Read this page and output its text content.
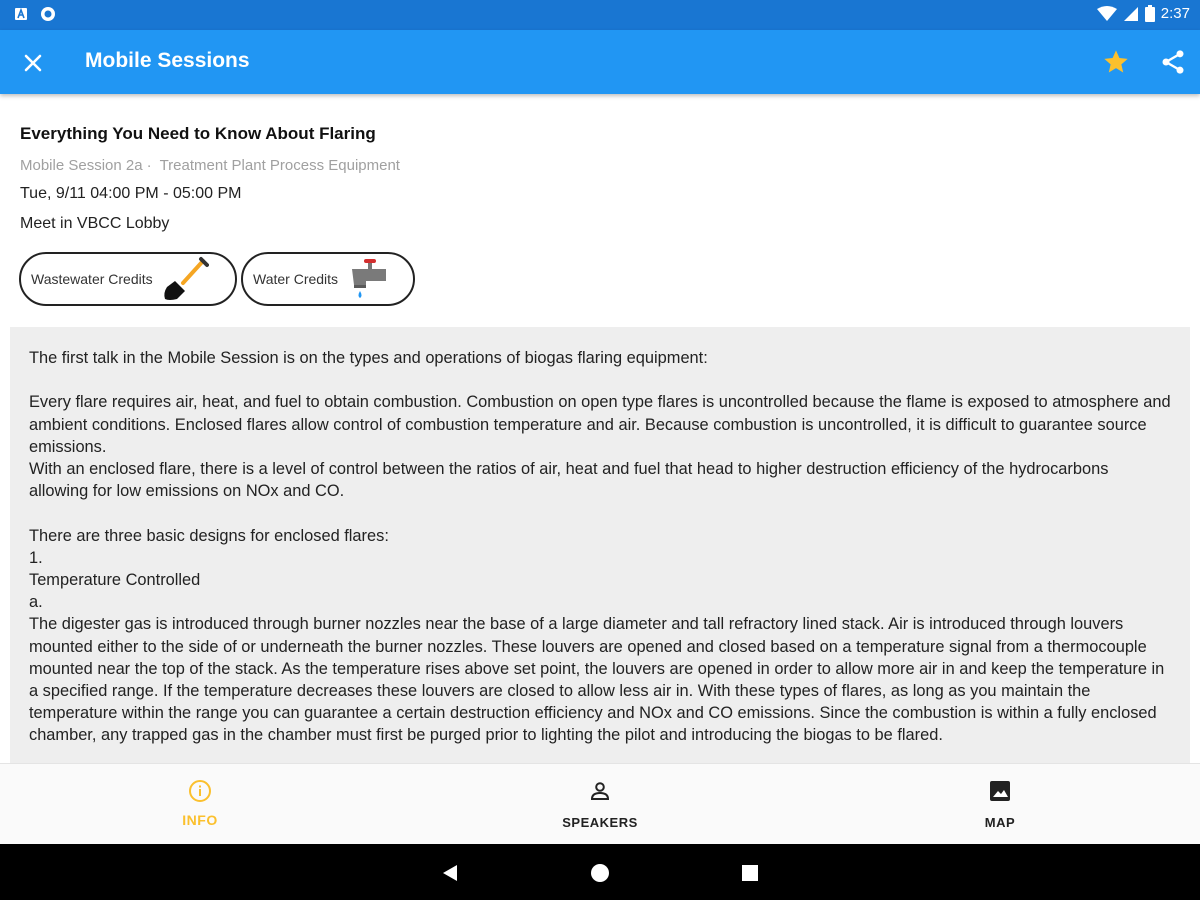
2:37
Mobile Sessions
Everything You Need to Know About Flaring
Mobile Session 2a · Treatment Plant Process Equipment
Tue, 9/11 04:00 PM - 05:00 PM
Meet in VBCC Lobby
Wastewater Credits	Water Credits

The first talk in the Mobile Session is on the types and operations of biogas flaring equipment:

Every flare requires air, heat, and fuel to obtain combustion. Combustion on open type flares is uncontrolled because the flame is exposed to atmosphere and ambient conditions. Enclosed flares allow control of combustion temperature and air. Because combustion is uncontrolled, it is difficult to guarantee source emissions.

With an enclosed flare, there is a level of control between the ratios of air, heat and fuel that head to higher destruction efficiency of the hydrocarbons allowing for low emissions on NOx and CO.

There are three basic designs for enclosed flares:

1.

Temperature Controlled

a.

The digester gas is introduced through burner nozzles near the base of a large diameter and tall refractory lined stack. Air is introduced through louvers mounted either to the side of or underneath the burner nozzles. These louvers are opened and closed based on a temperature signal from a thermocouple mounted near the top of the stack. As the temperature rises above set point, the louvers are opened in order to allow more air in and keep the temperature in a specified range. If the temperature decreases these louvers are closed to allow less air in. With these types of flares, as long as you maintain the temperature within the range you can guarantee a certain destruction efficiency and NOx and CO emissions. Since the combustion is within a fully enclosed chamber, any trapped gas in the chamber must first be purged prior to lighting the pilot and introducing the biogas to be flared.

INFO	SPEAKERS	MAP
